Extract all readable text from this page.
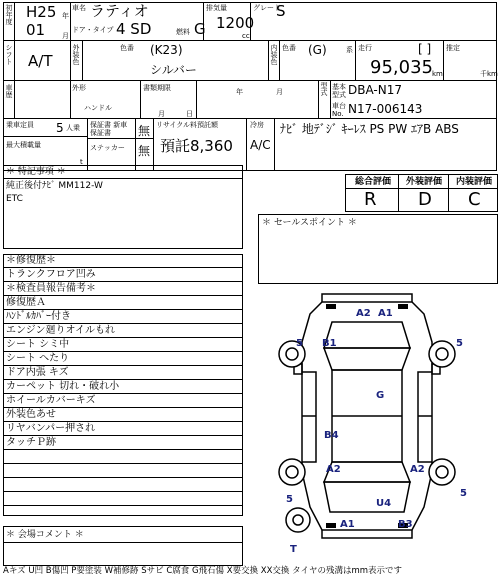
初年度 H25 年
01 月
車名 ラティオ
ドア・タイプ 4 SD	燃料 G
排気量
1200
cc
グレード
S
シフト A/T	外装色	色番 (K23)
シルバー
内装色 色番 (G)	系 走行	[ ]
95,035 km
推定
千km
車歴	外形
ハンドル
書類期限
月	日
年	月	型式 基本型式 DBA-N17
車台No. N17-006143
乗車定員 5 人乗
最大積載量
t
保証書 新車保証書	無
ステッカー 無
リサイクル料預託額
預託8,360
冷房
A/C
ﾅﾋﾞ 地ﾃﾞｼﾞ ｷｰﾚｽ PS PW ｴｱB ABS
＊ 特記事項 ＊
純正後付ﾅﾋﾞ MM112-W
ETC
総合評価 外装評価 内装評価
R D C
＊ セールスポイント ＊
＊修復歴＊
トランクフロア凹み
＊検査員報告備考＊
修復歴Ａ
ﾊﾝﾄﾞﾙｶﾊﾞｰ付き
エンジン廻りオイルもれ
シート シミ中
シート へたり
ドア内張 キズ
カーペット 切れ・破れ小
ホイールカバーキズ
外装色あせ
リヤバンパー押され
タッチＰ跡
＊ 会場コメント ＊
A2 A1
B1
5	5
G
B4
A2	A2
5
5
U4
A1	B3
T
Aキズ U凹 B傷凹 P要塗装 W補修跡 Sサビ C腐食 G飛石傷 X要交換 XX交換 タイヤの残溝はmm表示です
